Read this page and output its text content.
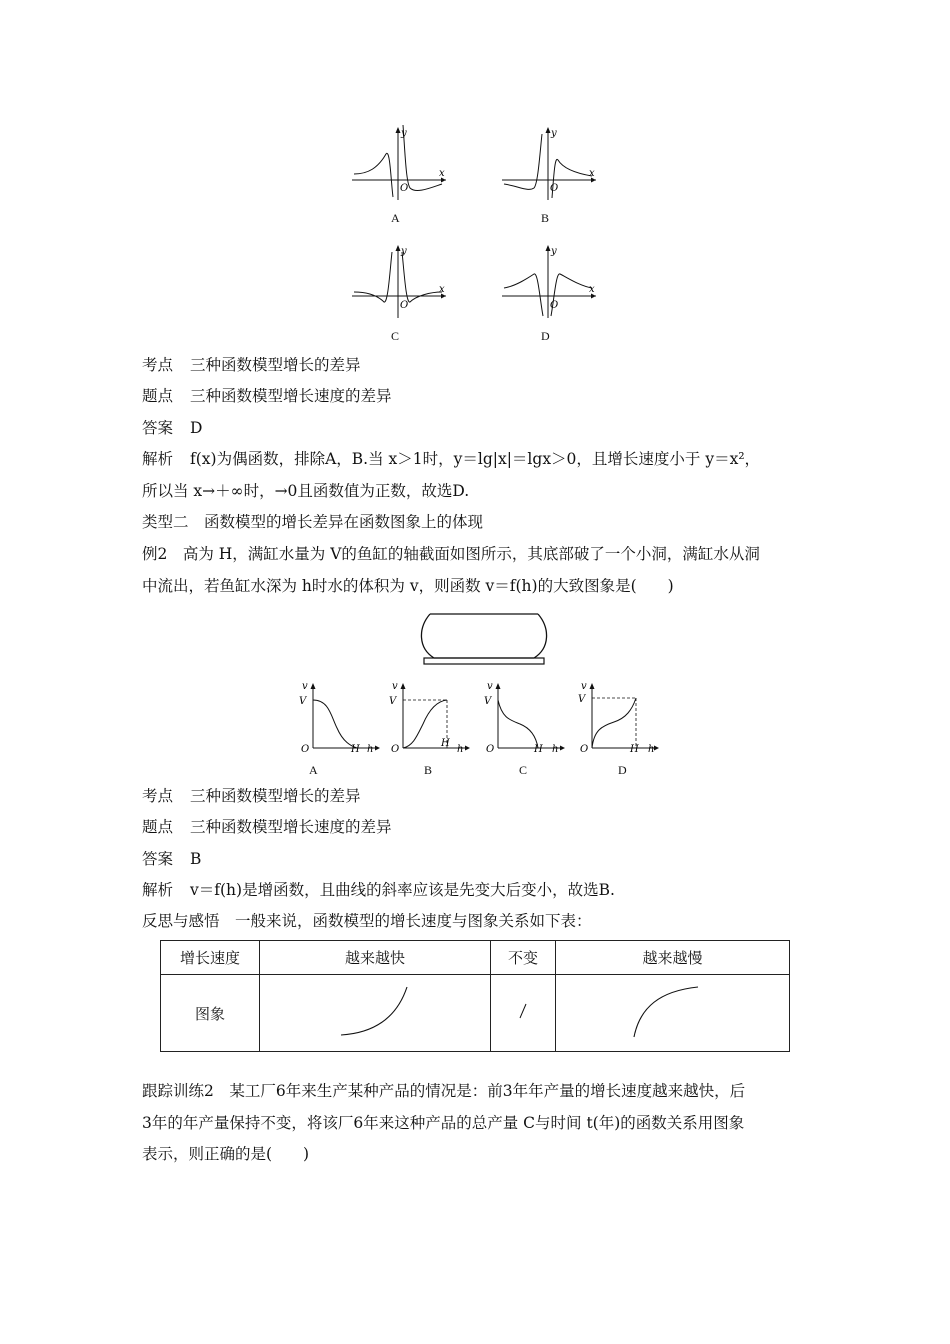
y
x
O
A
y
x
O
B
y
x
O
C
y
x
O
D
考点 三种函数模型增长的差异
题点 三种函数模型增长速度的差异
答案 D
解析 f(x)为偶函数，排除A，B.当 x＞1时，y＝lg|x|＝lgx＞0，且增长速度小于 y＝x²，
所以当 x→＋∞时，→0且函数值为正数，故选D.
类型二　函数模型的增长差异在函数图象上的体现
例2　高为 H，满缸水量为 V的鱼缸的轴截面如图所示，其底部破了一个小洞，满缸水从洞
中流出，若鱼缸水深为 h时水的体积为 v，则函数 v＝f(h)的大致图象是(　　)
v
V
O	H h
A
v
V
O
H
h
B
v
V
O	H h
C
v
V
O	H h
D
考点 三种函数模型增长的差异
题点 三种函数模型增长速度的差异
答案 B
解析 v＝f(h)是增函数，且曲线的斜率应该是先变大后变小，故选B.
反思与感悟　一般来说，函数模型的增长速度与图象关系如下表：
增长速度	越来越快	不变	越来越慢
图象			
跟踪训练2　某工厂6年来生产某种产品的情况是：前3年年产量的增长速度越来越快，后
3年的年产量保持不变，将该厂6年来这种产品的总产量 C与时间 t(年)的函数关系用图象
表示，则正确的是(　　)
